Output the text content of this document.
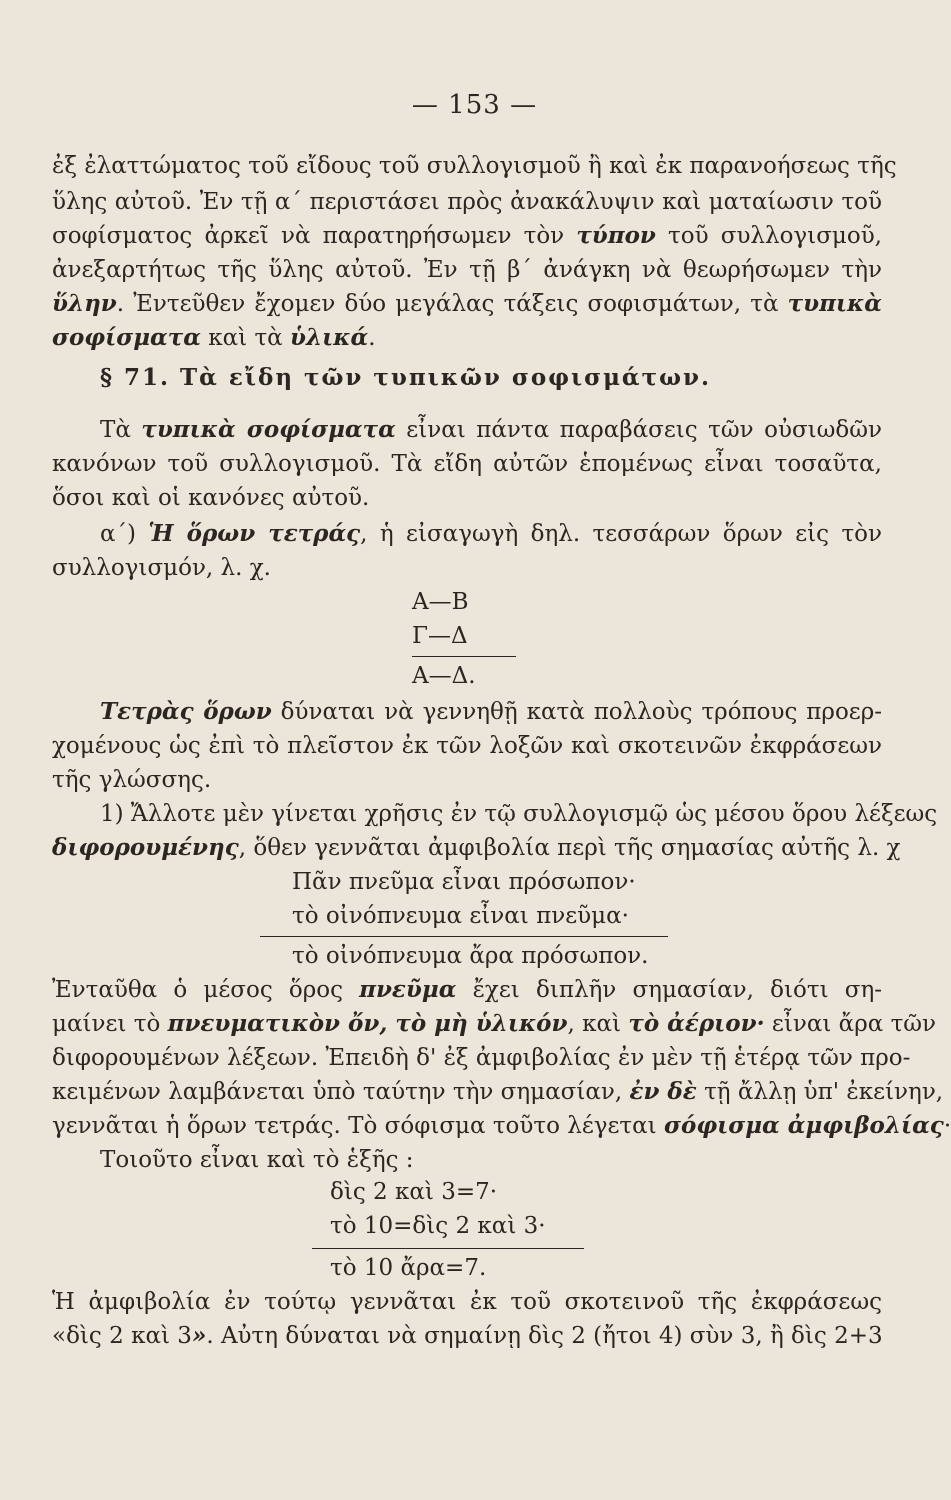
— 153 —
ἐξ ἐλαττώματος τοῦ εἴδους τοῦ συλλογισμοῦ ἢ καὶ ἐκ παρανοήσεως τῆς
ὕλης αὐτοῦ. Ἐν τῇ α΄ περιστάσει πρὸς ἀνακάλυψιν καὶ ματαίωσιν τοῦ
σοφίσματος ἀρκεῖ νὰ παρατηρήσωμεν τὸν τύπον τοῦ συλλογισμοῦ,
ἀνεξαρτήτως τῆς ὕλης αὐτοῦ. Ἐν τῇ β΄ ἀνάγκη νὰ θεωρήσωμεν τὴν
ὕλην. Ἐντεῦθεν ἔχομεν δύο μεγάλας τάξεις σοφισμάτων, τὰ τυπικὰ
σοφίσματα καὶ τὰ ὑλικά.
§ 71. Τὰ εἴδη τῶν τυπικῶν σοφισμάτων.
Τὰ τυπικὰ σοφίσματα εἶναι πάντα παραβάσεις τῶν οὐσιωδῶν
κανόνων τοῦ συλλογισμοῦ. Τὰ εἴδη αὐτῶν ἑπομένως εἶναι τοσαῦτα,
ὅσοι καὶ οἱ κανόνες αὐτοῦ.
α΄) Ἡ ὅρων τετράς, ἡ εἰσαγωγὴ δηλ. τεσσάρων ὅρων εἰς τὸν
συλλογισμόν, λ. χ.
Α—Β
Γ—Δ
Α—Δ.
Τετρὰς ὅρων δύναται νὰ γεννηθῇ κατὰ πολλοὺς τρόπους προερ-
χομένους ὡς ἐπὶ τὸ πλεῖστον ἐκ τῶν λοξῶν καὶ σκοτεινῶν ἐκφράσεων
τῆς γλώσσης.
1) Ἄλλοτε μὲν γίνεται χρῆσις ἐν τῷ συλλογισμῷ ὡς μέσου ὅρου λέξεως
διφορουμένης, ὅθεν γεννᾶται ἀμφιβολία περὶ τῆς σημασίας αὐτῆς λ. χ
Πᾶν πνεῦμα εἶναι πρόσωπον·
τὸ οἰνόπνευμα εἶναι πνεῦμα·
τὸ οἰνόπνευμα ἄρα πρόσωπον.
Ἐνταῦθα ὁ μέσος ὅρος πνεῦμα ἔχει διπλῆν σημασίαν, διότι ση-
μαίνει τὸ πνευματικὸν ὄν, τὸ μὴ ὑλικόν, καὶ τὸ ἀέριον· εἶναι ἄρα τῶν
διφορουμένων λέξεων. Ἐπειδὴ δ' ἐξ ἀμφιβολίας ἐν μὲν τῇ ἑτέρᾳ τῶν προ-
κειμένων λαμβάνεται ὑπὸ ταύτην τὴν σημασίαν, ἐν δὲ τῇ ἄλλῃ ὑπ' ἐκείνην,
γεννᾶται ἡ ὅρων τετράς. Τὸ σόφισμα τοῦτο λέγεται σόφισμα ἀμφιβολίας·
Τοιοῦτο εἶναι καὶ τὸ ἑξῆς :
δὶς 2 καὶ 3=7·
τὸ 10=δὶς 2 καὶ 3·
τὸ 10 ἄρα=7.
Ἡ ἀμφιβολία ἐν τούτῳ γεννᾶται ἐκ τοῦ σκοτεινοῦ τῆς ἐκφράσεως
«δὶς 2 καὶ 3». Αὐτη δύναται νὰ σημαίνῃ δὶς 2 (ἤτοι 4) σὺν 3, ἢ δὶς 2+3
